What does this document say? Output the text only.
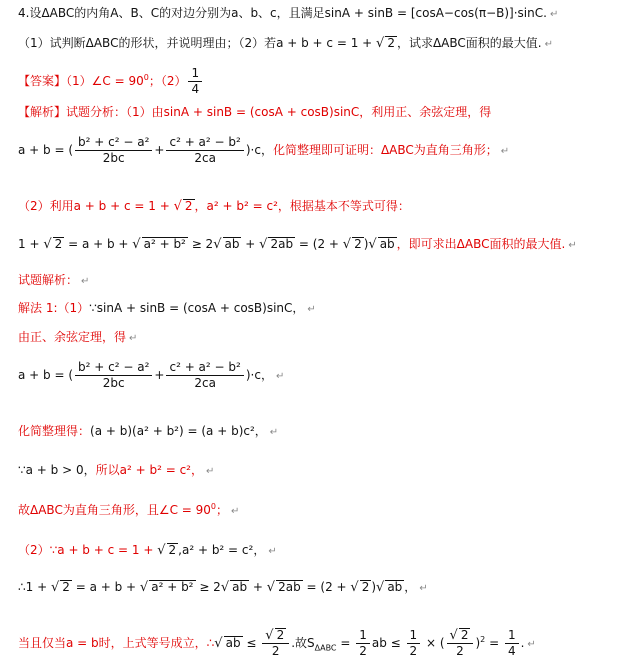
4.设ΔABC的内角A、B、C的对边分别为a、b、c，且满足sinA + sinB = [cosA−cos(π−B)]·sinC. ↵
（1）试判断ΔABC的形状，并说明理由；（2）若a + b + c = 1 + √ 2 ，试求ΔABC面积的最大值. ↵
【答案】（1）∠C = $90^0$；$(2) \frac{1}{4}$
【解析】试题分析：（1）由sinA + sinB = (cosA + cosB)sinC，利用正、余弦定理，得
a + b = ( $\frac{\text{b² + c² − a²}}{2bc} + \frac{\text{c² + a² − b²}}{2ca} )\cdot c$，化简整理即可证明：ΔABC为直角三角形； ↵
（2）利用a + b + c = 1 + √ 2 ，a² + b² = c²，根据基本不等式可得：
1 + √ 2 = a + b + √ a² + b² ≥ 2√ ab + √ 2ab = (2 + √ 2 )√ ab ，即可求出ΔABC面积的最大值. ↵
试题解析： ↵
解法 1:（1）∵sinA + sinB = (cosA + cosB)sinC， ↵
由正、余弦定理，得 ↵
a + b = ( $\frac{\text{b² + c² − a²}}{2bc} + \frac{\text{c² + a² − b²}}{2ca} )\cdot c$， ↵
化简整理得：(a + b)(a² + b²) = (a + b)c²， ↵
∵a + b > 0，所以a² + b² = c²， ↵
故ΔABC为直角三角形，且∠C = $90^0$； ↵
（2）∵a + b + c = 1 + √ 2 ,a² + b² = c²， ↵
∴1 + √ 2 = a + b + √ a² + b² ≥ 2√ ab + √ 2ab = (2 + √ 2 )√ ab ， ↵
当且仅当a = b时，上式等号成立，∴√ ab ≤ $\frac{√ 2}{2}$ .故$S_{\Delta ABC} = \frac{1}{2}$ ab ≤ $\frac{1}{2}$ × ( $\frac{√ 2}{2} )^2 = \frac{1}{4}$ . ↵
